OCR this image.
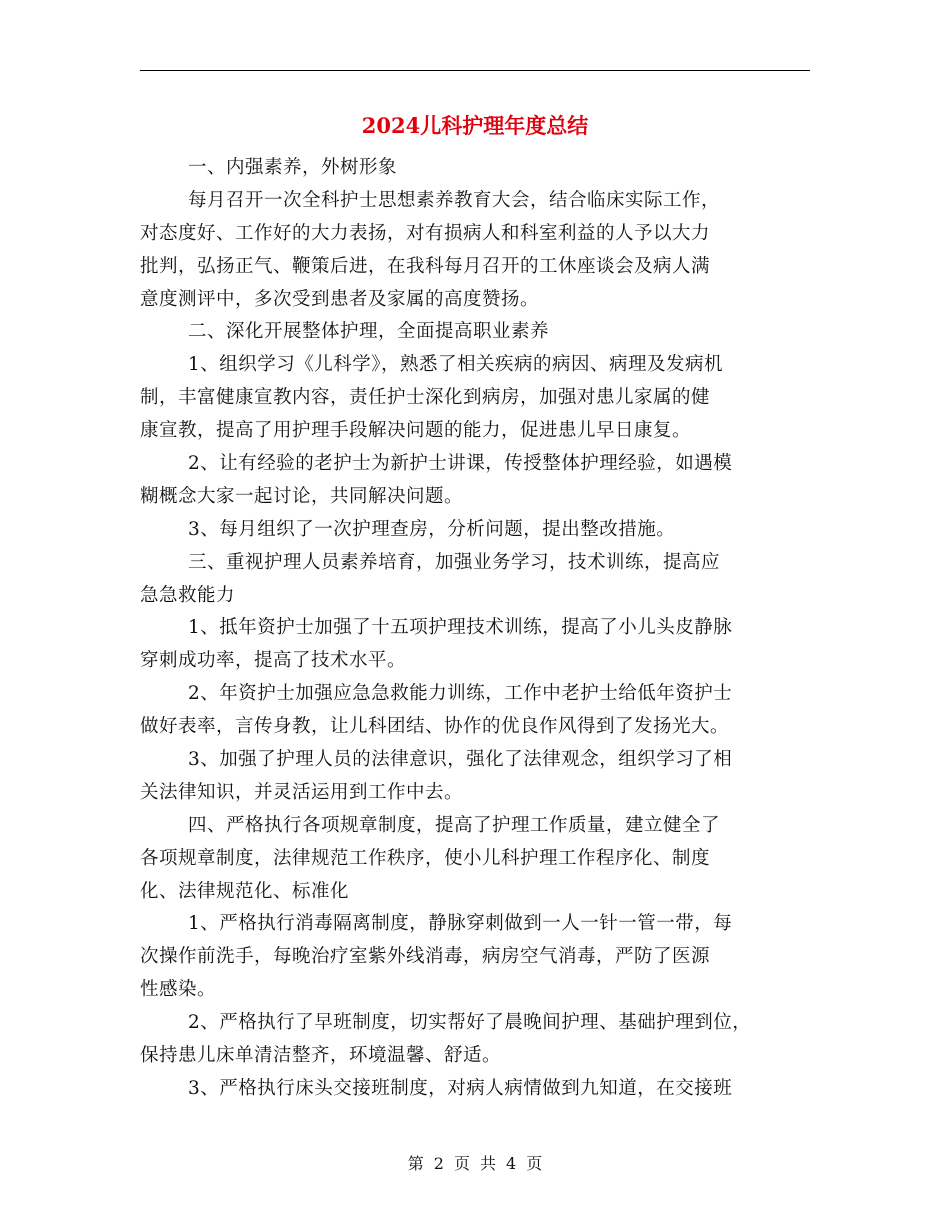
2024儿科护理年度总结
一、内强素养，外树形象
每月召开一次全科护士思想素养教育大会，结合临床实际工作，
对态度好、工作好的大力表扬，对有损病人和科室利益的人予以大力
批判，弘扬正气、鞭策后进，在我科每月召开的工休座谈会及病人满
意度测评中，多次受到患者及家属的高度赞扬。
二、深化开展整体护理，全面提高职业素养
1、组织学习《儿科学》，熟悉了相关疾病的病因、病理及发病机
制，丰富健康宣教内容，责任护士深化到病房，加强对患儿家属的健
康宣教，提高了用护理手段解决问题的能力，促进患儿早日康复。
2、让有经验的老护士为新护士讲课，传授整体护理经验，如遇模
糊概念大家一起讨论，共同解决问题。
3、每月组织了一次护理查房，分析问题，提出整改措施。
三、重视护理人员素养培育，加强业务学习，技术训练，提高应
急急救能力
1、抵年资护士加强了十五项护理技术训练，提高了小儿头皮静脉
穿刺成功率，提高了技术水平。
2、年资护士加强应急急救能力训练，工作中老护士给低年资护士
做好表率，言传身教，让儿科团结、协作的优良作风得到了发扬光大。
3、加强了护理人员的法律意识，强化了法律观念，组织学习了相
关法律知识，并灵活运用到工作中去。
四、严格执行各项规章制度，提高了护理工作质量，建立健全了
各项规章制度，法律规范工作秩序，使小儿科护理工作程序化、制度
化、法律规范化、标准化
1、严格执行消毒隔离制度，静脉穿刺做到一人一针一管一带，每
次操作前洗手，每晚治疗室紫外线消毒，病房空气消毒，严防了医源
性感染。
2、严格执行了早班制度，切实帮好了晨晚间护理、基础护理到位，
保持患儿床单清洁整齐，环境温馨、舒适。
3、严格执行床头交接班制度，对病人病情做到九知道，在交接班
第 2 页 共 4 页
